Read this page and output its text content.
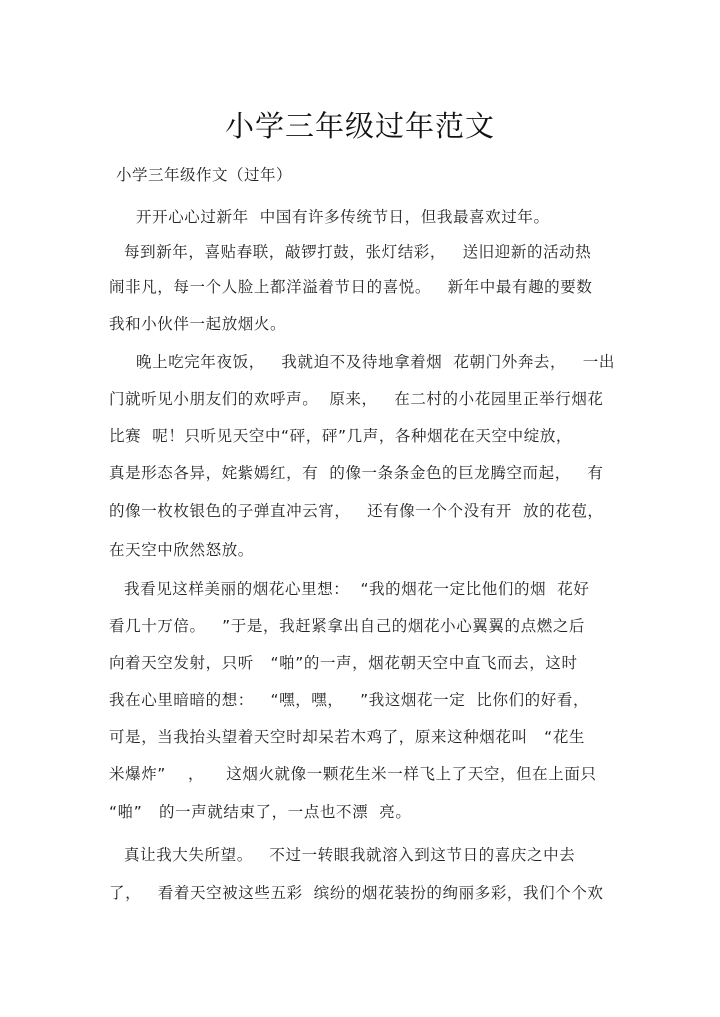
小学三年级过年范文
小学三年级作文（过年）
开开心心过新年  中国有许多传统节日，但我最喜欢过年。
每到新年，喜贴春联，敲锣打鼓，张灯结彩，   送旧迎新的活动热
闹非凡，每一个人脸上都洋溢着节日的喜悦。   新年中最有趣的要数
我和小伙伴一起放烟火。
晚上吃完年夜饭，   我就迫不及待地拿着烟  花朝门外奔去，   一出
门就听见小朋友们的欢呼声。  原来，   在二村的小花园里正举行烟花
比赛  呢！只听见天空中“砰，砰”几声，各种烟花在天空中绽放，
真是形态各异，姹紫嫣红，有  的像一条条金色的巨龙腾空而起，   有
的像一枚枚银色的子弹直冲云宵，   还有像一个个没有开  放的花苞，
在天空中欣然怒放。
我看见这样美丽的烟花心里想：  “我的烟花一定比他们的烟  花好
看几十万倍。   ”于是，我赶紧拿出自己的烟花小心翼翼的点燃之后
向着天空发射，只听   “啪”的一声，烟花朝天空中直飞而去，这时
我在心里暗暗的想：   “嘿，嘿，   ”我这烟花一定  比你们的好看，
可是，当我抬头望着天空时却呆若木鸡了，原来这种烟花叫   “花生
米爆炸”    ，    这烟火就像一颗花生米一样飞上了天空，但在上面只
“啪”   的一声就结束了，一点也不漂  亮。
真让我大失所望。   不过一转眼我就溶入到这节日的喜庆之中去
了，   看着天空被这些五彩  缤纷的烟花装扮的绚丽多彩，我们个个欢
